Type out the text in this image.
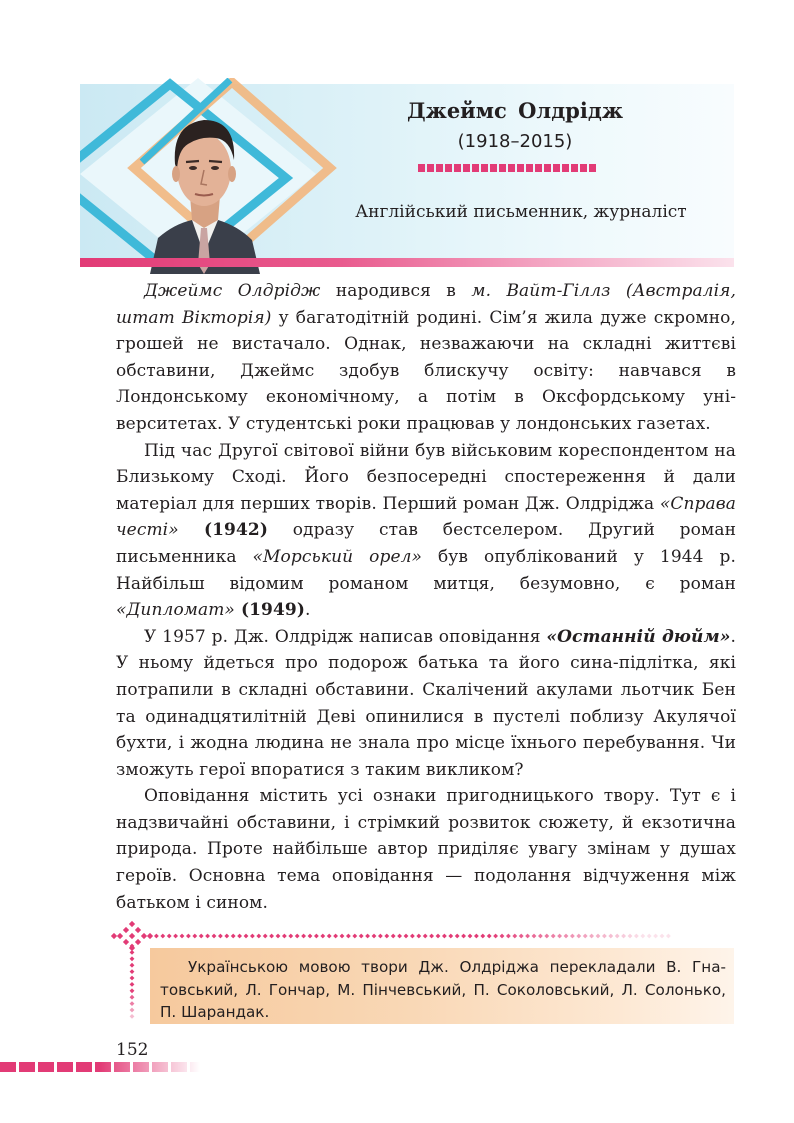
Джеймс Олдрідж
(1918–2015)
Англійський письменник, журналіст

Джеймс Олдрідж народився в м. Вайт-Гіллз (Австралія, штат Вікторія) у багатодітній родині. Сім’я жила дуже скромно, грошей не вистачало. Однак, незважаючи на складні життєві обставини, Джеймс здобув блискучу освіту: навчався в Лондонському економічному, а потім в Оксфордському університетах. У студентські роки працював у лондонських газетах.

Під час Другої світової війни був військовим кореспондентом на Близькому Сході. Його безпосередні спостереження й дали матеріал для перших творів. Перший роман Дж. Олдріджа «Справа честі» (1942) одразу став бестселером. Другий роман письменника «Морський орел» був опублікований у 1944 р. Найбільш відомим романом митця, безумовно, є роман «Дипломат» (1949).

У 1957 р. Дж. Олдрідж написав оповідання «Останній дюйм». У ньому йдеться про подорож батька та його сина-підлітка, які потрапили в складні обставини. Скалічений акулами льотчик Бен та одинадцятилітній Деві опинилися в пустелі поблизу Акулячої бухти, і жодна людина не знала про місце їхнього перебування. Чи зможуть герої впоратися з таким викликом?

Оповідання містить усі ознаки пригодницького твору. Тут є і надзвичайні обставини, і стрімкий розвиток сюжету, й екзотична природа. Проте найбільше автор приділяє увагу змінам у душах героїв. Основна тема оповідання — подолання відчуження між батьком і сином.

Українською мовою твори Дж. Олдріджа перекладали В. Гнатовський, Л. Гончар, М. Пінчевський, П. Соколовський, Л. Солонько, П. Шарандак.
152
